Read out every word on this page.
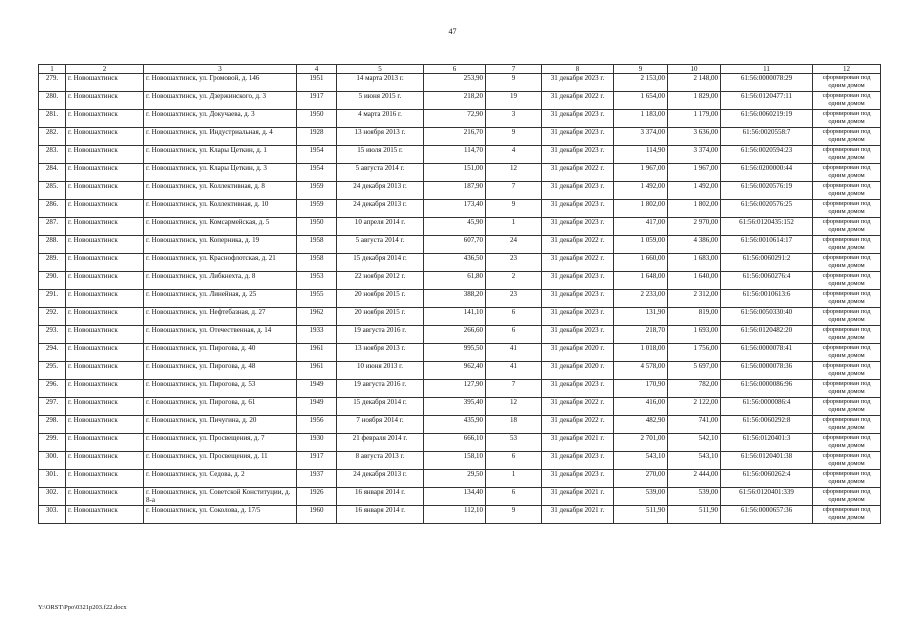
47
1	2	3	4	5	6	7	8	9	10	11	12
279.	г. Новошахтинск	г. Новошахтинск, ул. Громовой, д. 146	1951	14 марта 2013 г.	253,90	9	31 декабря 2023 г.	2 153,00	2 148,00	61:56:0000078:29	сформирован под одним домом
280.	г. Новошахтинск	г. Новошахтинск, ул. Дзержинского, д. 3	1917	5 июня 2015 г.	218,20	19	31 декабря 2022 г.	1 654,00	1 829,00	61:56:0120477:11	сформирован под одним домом
281.	г. Новошахтинск	г. Новошахтинск, ул. Докучаева, д. 3	1950	4 марта 2016 г.	72,90	3	31 декабря 2023 г.	1 183,00	1 179,00	61:56:0060219:19	сформирован под одним домом
282.	г. Новошахтинск	г. Новошахтинск, ул. Индустриальная, д. 4	1928	13 ноября 2013 г.	216,70	9	31 декабря 2023 г.	3 374,00	3 636,00	61:56:0020558:7	сформирован под одним домом
283.	г. Новошахтинск	г. Новошахтинск, ул. Клары Цеткин, д. 1	1954	15 июля 2015 г.	114,70	4	31 декабря 2023 г.	114,90	3 374,00	61:56:0020594:23	сформирован под одним домом
284.	г. Новошахтинск	г. Новошахтинск, ул. Клары Цеткин, д. 3	1954	5 августа 2014 г.	151,00	12	31 декабря 2022 г.	1 967,00	1 967,00	61:56:0200000:44	сформирован под одним домом
285.	г. Новошахтинск	г. Новошахтинск, ул. Коллективная, д. 8	1959	24 декабря 2013 г.	187,90	7	31 декабря 2023 г.	1 492,00	1 492,00	61:56:0020576:19	сформирован под одним домом
286.	г. Новошахтинск	г. Новошахтинск, ул. Коллективная, д. 10	1959	24 декабря 2013 г.	173,40	9	31 декабря 2023 г.	1 802,00	1 802,00	61:56:0020576:25	сформирован под одним домом
287.	г. Новошахтинск	г. Новошахтинск, ул. Комсармейская, д. 5	1950	10 апреля 2014 г.	45,90	1	31 декабря 2023 г.	417,00	2 970,00	61:56:0120435:152	сформирован под одним домом
288.	г. Новошахтинск	г. Новошахтинск, ул. Коперника, д. 19	1958	5 августа 2014 г.	607,70	24	31 декабря 2022 г.	1 059,00	4 386,00	61:56:0010614:17	сформирован под одним домом
289.	г. Новошахтинск	г. Новошахтинск, ул. Краснофлотская, д. 21	1958	15 декабря 2014 г.	436,50	23	31 декабря 2022 г.	1 660,00	1 683,00	61:56:0060291:2	сформирован под одним домом
290.	г. Новошахтинск	г. Новошахтинск, ул. Либкнехта, д. 8	1953	22 ноября 2012 г.	61,80	2	31 декабря 2023 г.	1 648,00	1 640,00	61:56:0060276:4	сформирован под одним домом
291.	г. Новошахтинск	г. Новошахтинск, ул. Линейная, д. 25	1955	20 ноября 2015 г.	388,20	23	31 декабря 2023 г.	2 233,00	2 312,00	61:56:0010613:6	сформирован под одним домом
292.	г. Новошахтинск	г. Новошахтинск, ул. Нефтебазная, д. 27	1962	20 ноября 2015 г.	141,10	6	31 декабря 2023 г.	131,90	819,00	61:56:0050330:40	сформирован под одним домом
293.	г. Новошахтинск	г. Новошахтинск, ул. Отечественная, д. 14	1933	19 августа 2016 г.	266,60	6	31 декабря 2023 г.	218,70	1 693,00	61:56:0120482:20	сформирован под одним домом
294.	г. Новошахтинск	г. Новошахтинск, ул. Пирогова, д. 40	1961	13 ноября 2013 г.	995,50	41	31 декабря 2020 г.	1 018,00	1 756,00	61:56:0000078:41	сформирован под одним домом
295.	г. Новошахтинск	г. Новошахтинск, ул. Пирогова, д. 48	1961	10 июня 2013 г.	962,40	41	31 декабря 2020 г.	4 578,00	5 697,00	61:56:0000078:36	сформирован под одним домом
296.	г. Новошахтинск	г. Новошахтинск, ул. Пирогова, д. 53	1949	19 августа 2016 г.	127,90	7	31 декабря 2023 г.	170,90	782,00	61:56:0000086:96	сформирован под одним домом
297.	г. Новошахтинск	г. Новошахтинск, ул. Пирогова, д. 61	1949	15 декабря 2014 г.	395,40	12	31 декабря 2022 г.	416,00	2 122,00	61:56:0000086:4	сформирован под одним домом
298.	г. Новошахтинск	г. Новошахтинск, ул. Пичугина, д. 20	1956	7 ноября 2014 г.	435,90	18	31 декабря 2022 г.	482,90	741,00	61:56:0060292:8	сформирован под одним домом
299.	г. Новошахтинск	г. Новошахтинск, ул. Просвещения, д. 7	1930	21 февраля 2014 г.	666,10	53	31 декабря 2021 г.	2 701,00	542,10	61:56:0120401:3	сформирован под одним домом
300.	г. Новошахтинск	г. Новошахтинск, ул. Просвещения, д. 11	1917	8 августа 2013 г.	158,10	6	31 декабря 2023 г.	543,10	543,10	61:56:0120401:38	сформирован под одним домом
301.	г. Новошахтинск	г. Новошахтинск, ул. Седова, д. 2	1937	24 декабря 2013 г.	29,50	1	31 декабря 2023 г.	270,00	2 444,00	61:56:0060262:4	сформирован под одним домом
302.	г. Новошахтинск	г. Новошахтинск, ул. Советской Конституции, д. 8-а	1926	16 января 2014 г.	134,40	6	31 декабря 2021 г.	539,00	539,00	61:56:0120401:339	сформирован под одним домом
303.	г. Новошахтинск	г. Новошахтинск, ул. Соколова, д. 17/5	1960	16 января 2014 г.	112,10	9	31 декабря 2021 г.	511,90	511,90	61:56:0000657:36	сформирован под одним домом
Y:\ORST\Ppo\0321p203.f22.docx
